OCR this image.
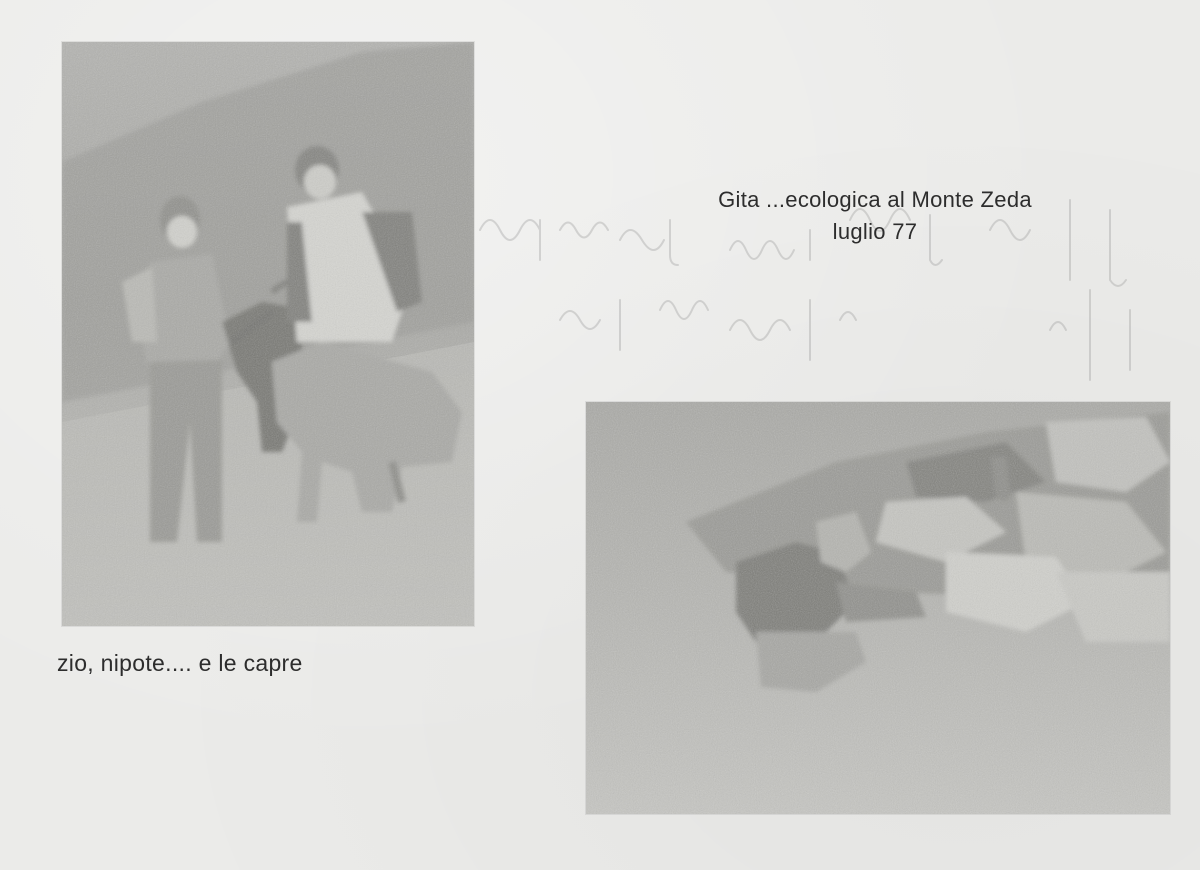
Gita ...ecologica al Monte Zeda
luglio 77
zio, nipote.... e le capre
